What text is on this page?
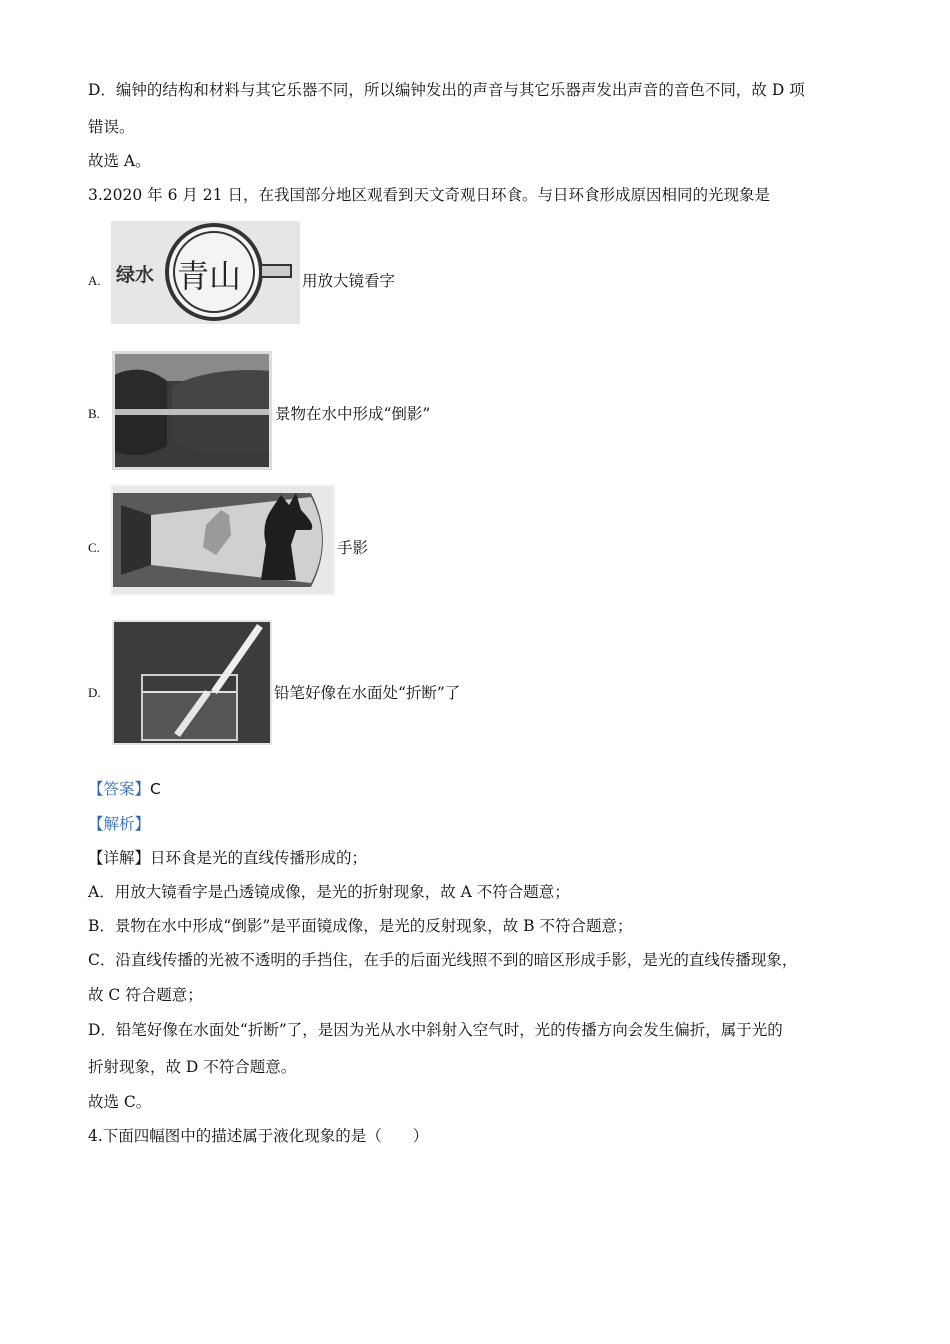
D．编钟的结构和材料与其它乐器不同，所以编钟发出的声音与其它乐器声发出声音的音色不同，故 D 项
错误。
故选 A。
3.2020 年 6 月 21 日，在我国部分地区观看到天文奇观日环食。与日环食形成原因相同的光现象是
A. 绿水 青山	用放大镜看字
B.	景物在水中形成“倒影”
C.	手影
D.	铅笔好像在水面处“折断”了
【答案】C
【解析】
【详解】日环食是光的直线传播形成的；
A．用放大镜看字是凸透镜成像，是光的折射现象，故 A 不符合题意；
B．景物在水中形成“倒影”是平面镜成像，是光的反射现象，故 B 不符合题意；
C．沿直线传播的光被不透明的手挡住，在手的后面光线照不到的暗区形成手影，是光的直线传播现象，
故 C 符合题意；
D．铅笔好像在水面处“折断”了，是因为光从水中斜射入空气时，光的传播方向会发生偏折，属于光的
折射现象，故 D 不符合题意。
故选 C。
4.下面四幅图中的描述属于液化现象的是（　　）
